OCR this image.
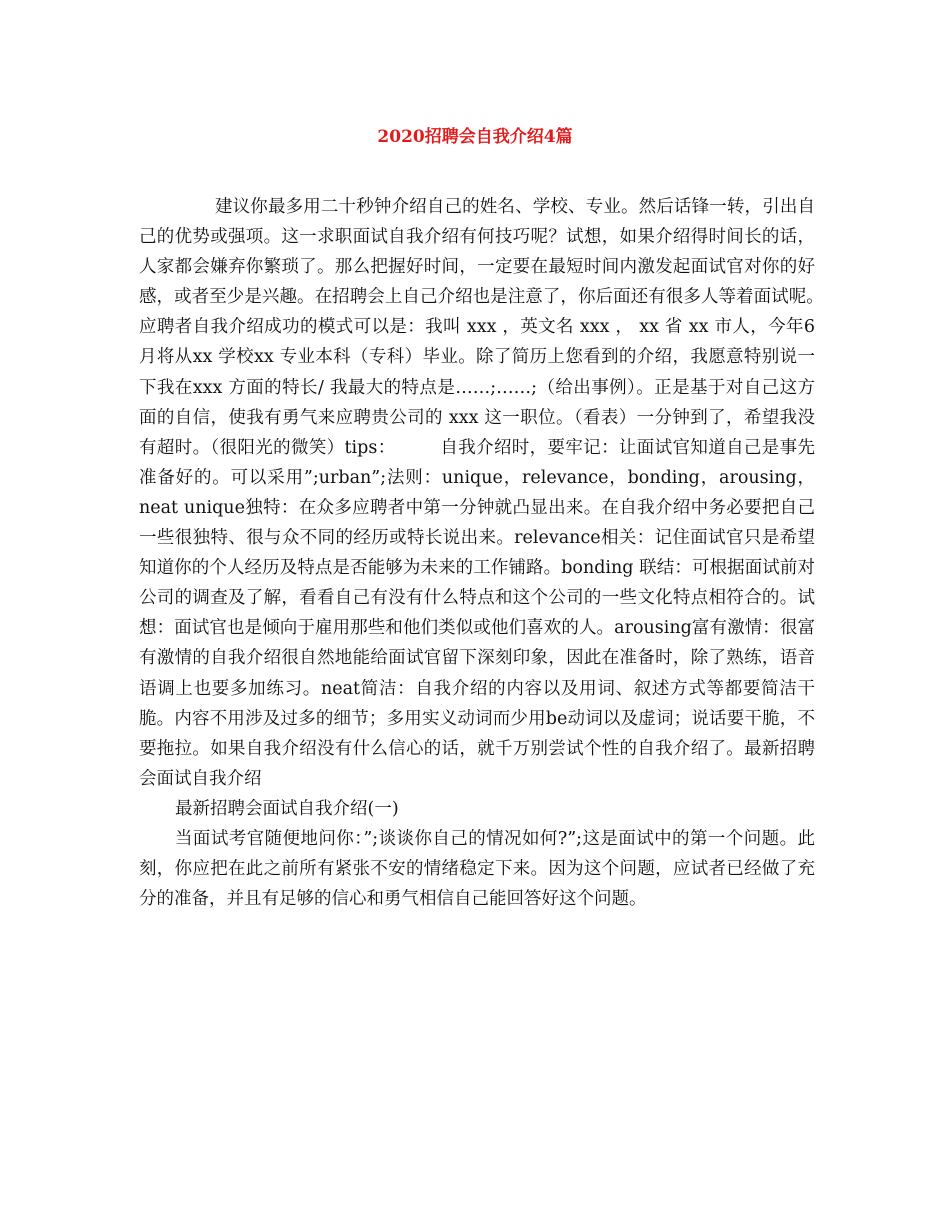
2020招聘会自我介绍4篇

建议你最多用二十秒钟介绍自己的姓名、学校、专业。然后话锋一转，引出自己的优势或强项。这一求职面试自我介绍有何技巧呢？试想，如果介绍得时间长的话，人家都会嫌弃你繁琐了。那么把握好时间，一定要在最短时间内激发起面试官对你的好感，或者至少是兴趣。在招聘会上自己介绍也是注意了，你后面还有很多人等着面试呢。　　　　应聘者自我介绍成功的模式可以是：我叫 xxx ，英文名 xxx ， xx 省 xx 市人，今年6月将从xx 学校xx 专业本科（专科）毕业。除了简历上您看到的介绍，我愿意特别说一下我在xxx 方面的特长/ 我最大的特点是……;……;（给出事例）。正是基于对自己这方面的自信，使我有勇气来应聘贵公司的 xxx 这一职位。（看表）一分钟到了，希望我没有超时。（很阳光的微笑）tips：　　　自我介绍时，要牢记：让面试官知道自己是事先准备好的。可以采用”;urban”;法则：unique，relevance，bonding，arousing，neat unique独特：在众多应聘者中第一分钟就凸显出来。在自我介绍中务必要把自己一些很独特、很与众不同的经历或特长说出来。relevance相关：记住面试官只是希望知道你的个人经历及特点是否能够为未来的工作铺路。bonding 联结：可根据面试前对公司的调查及了解，看看自己有没有什么特点和这个公司的一些文化特点相符合的。试想：面试官也是倾向于雇用那些和他们类似或他们喜欢的人。arousing富有激情：很富有激情的自我介绍很自然地能给面试官留下深刻印象，因此在准备时，除了熟练，语音语调上也要多加练习。neat简洁：自我介绍的内容以及用词、叙述方式等都要简洁干脆。内容不用涉及过多的细节；多用实义动词而少用be动词以及虚词；说话要干脆，不要拖拉。如果自我介绍没有什么信心的话，就千万别尝试个性的自我介绍了。最新招聘会面试自我介绍

最新招聘会面试自我介绍(一)

当面试考官随便地问你：”;谈谈你自己的情况如何?”;这是面试中的第一个问题。此刻，你应把在此之前所有紧张不安的情绪稳定下来。因为这个问题，应试者已经做了充分的准备，并且有足够的信心和勇气相信自己能回答好这个问题。
